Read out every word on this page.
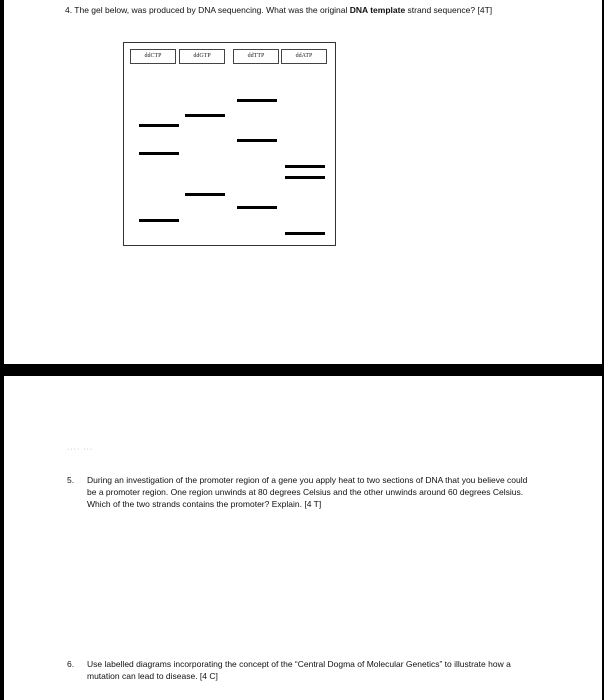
4. The gel below, was produced by DNA sequencing. What was the original DNA template strand sequence? [4T]
ddCTP	ddGTP	ddTTP	ddATP
···· ···
5.	During an investigation of the promoter region of a gene you apply heat to two sections of DNA that you believe could be a promoter region. One region unwinds at 80 degrees Celsius and the other unwinds around 60 degrees Celsius. Which of the two strands contains the promoter? Explain. [4 T]
6.	Use labelled diagrams incorporating the concept of the “Central Dogma of Molecular Genetics” to illustrate how a mutation can lead to disease. [4 C]
